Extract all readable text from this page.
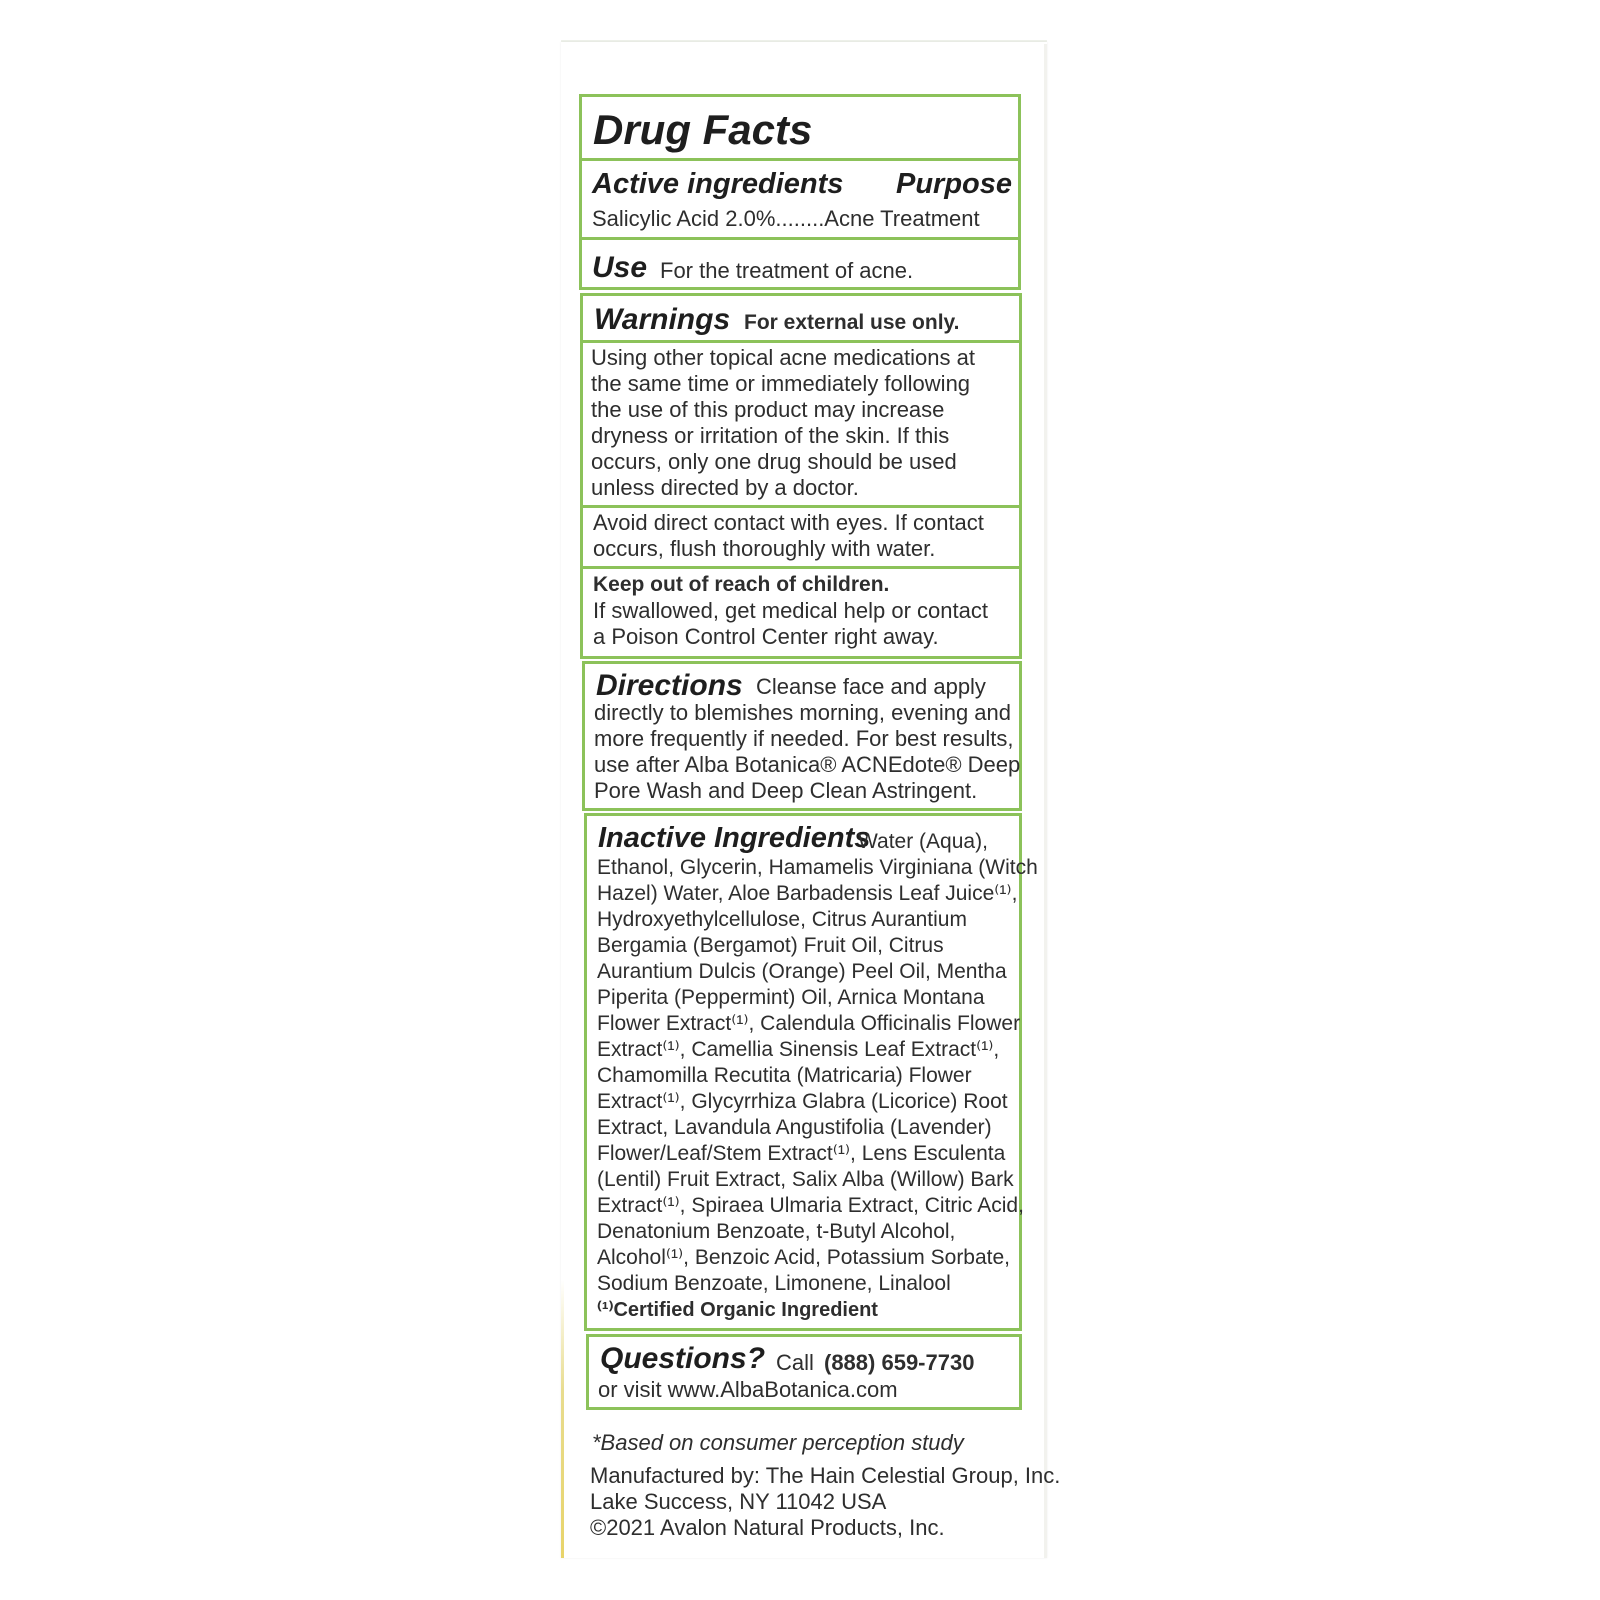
Drug Facts
Active ingredients Purpose
Salicylic Acid 2.0%........Acne Treatment
Use For the treatment of acne.
Warnings For external use only.
Using other topical acne medications at
the same time or immediately following
the use of this product may increase
dryness or irritation of the skin. If this
occurs, only one drug should be used
unless directed by a doctor.
Avoid direct contact with eyes. If contact
occurs, flush thoroughly with water.
Keep out of reach of children.
If swallowed, get medical help or contact
a Poison Control Center right away.
Directions Cleanse face and apply
directly to blemishes morning, evening and
more frequently if needed. For best results,
use after Alba Botanica® ACNEdote® Deep
Pore Wash and Deep Clean Astringent.
Inactive Ingredients
Water (Aqua),
Ethanol, Glycerin, Hamamelis Virginiana (Witch
Hazel) Water, Aloe Barbadensis Leaf Juice⁽¹⁾,
Hydroxyethylcellulose, Citrus Aurantium
Bergamia (Bergamot) Fruit Oil, Citrus
Aurantium Dulcis (Orange) Peel Oil, Mentha
Piperita (Peppermint) Oil, Arnica Montana
Flower Extract⁽¹⁾, Calendula Officinalis Flower
Extract⁽¹⁾, Camellia Sinensis Leaf Extract⁽¹⁾,
Chamomilla Recutita (Matricaria) Flower
Extract⁽¹⁾, Glycyrrhiza Glabra (Licorice) Root
Extract, Lavandula Angustifolia (Lavender)
Flower/Leaf/Stem Extract⁽¹⁾, Lens Esculenta
(Lentil) Fruit Extract, Salix Alba (Willow) Bark
Extract⁽¹⁾, Spiraea Ulmaria Extract, Citric Acid,
Denatonium Benzoate, t-Butyl Alcohol,
Alcohol⁽¹⁾, Benzoic Acid, Potassium Sorbate,
Sodium Benzoate, Limonene, Linalool
⁽¹⁾Certified Organic Ingredient
Questions? Call (888) 659-7730
or visit www.AlbaBotanica.com
*Based on consumer perception study
Manufactured by: The Hain Celestial Group, Inc.
Lake Success, NY 11042 USA
©2021 Avalon Natural Products, Inc.
